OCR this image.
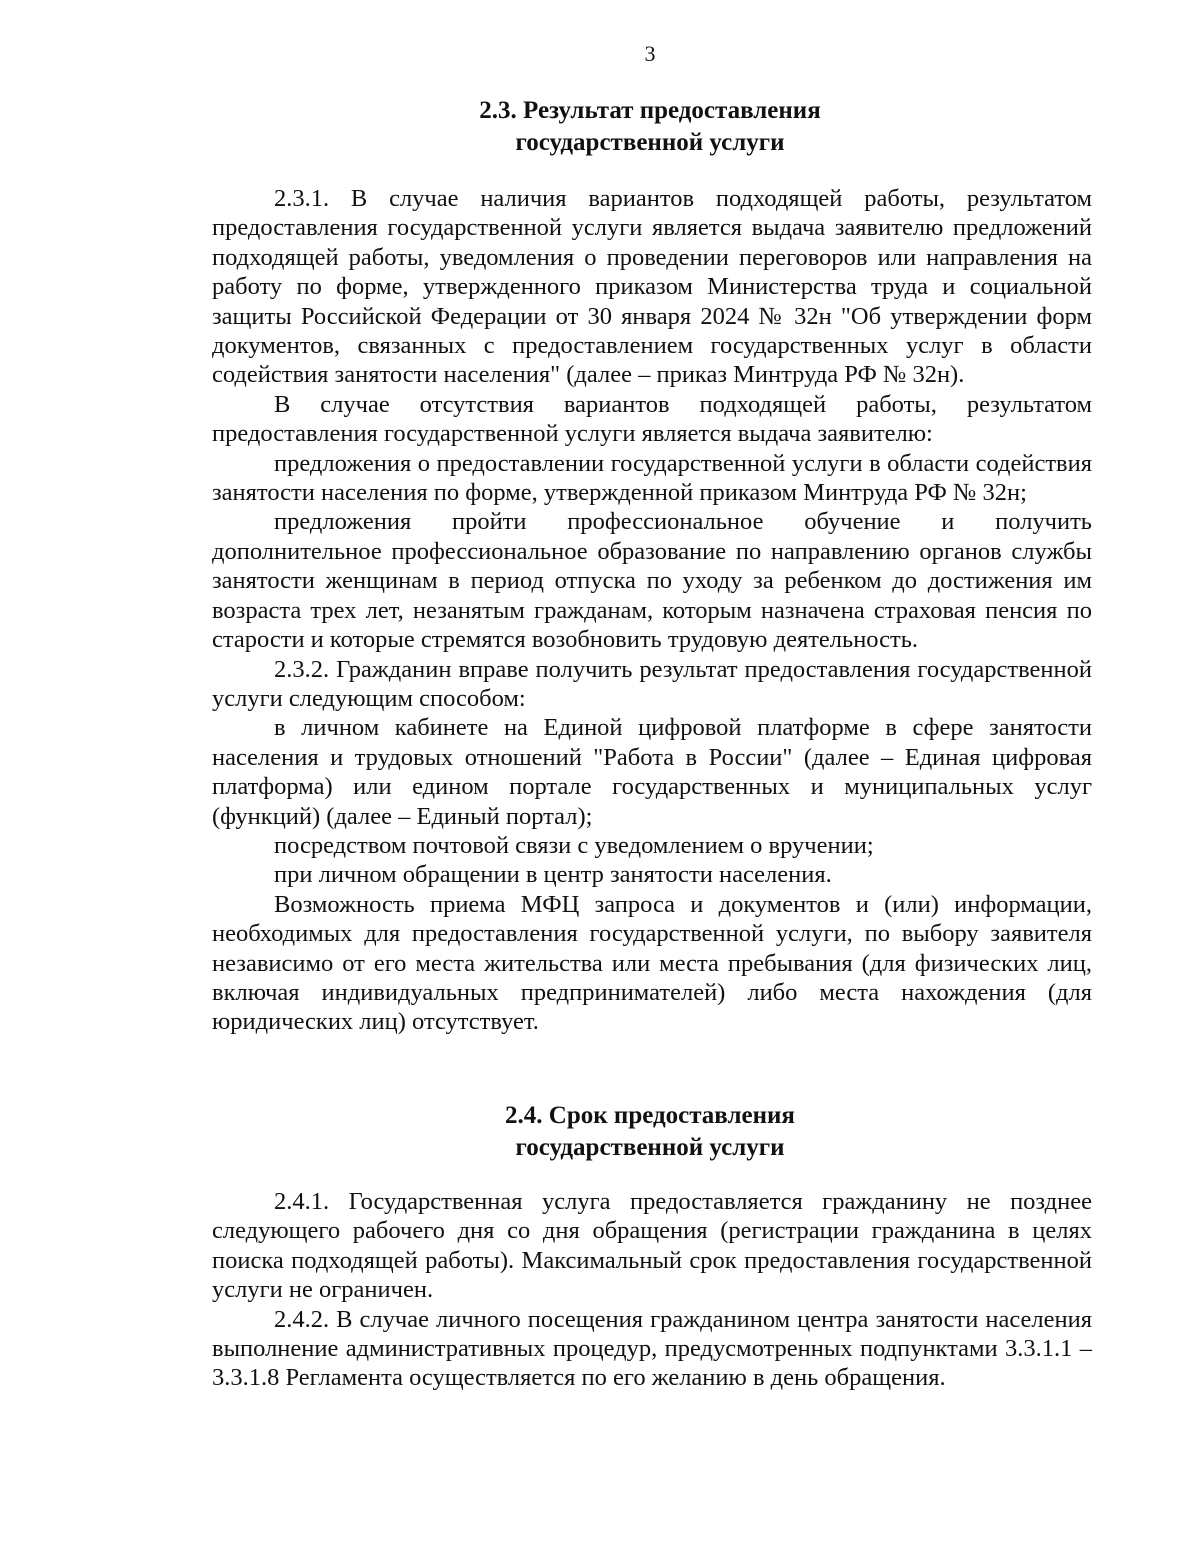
3
2.3. Результат предоставления
государственной услуги

2.3.1. В случае наличия вариантов подходящей работы, результатом предоставления государственной услуги является выдача заявителю предложений подходящей работы, уведомления о проведении переговоров или направления на работу по форме, утвержденного приказом Министерства труда и социальной защиты Российской Федерации от 30 января 2024 № 32н "Об утверждении форм документов, связанных с предоставлением государственных услуг в области содействия занятости населения" (далее – приказ Минтруда РФ № 32н).

В случае отсутствия вариантов подходящей работы, результатом предоставления государственной услуги является выдача заявителю:

предложения о предоставлении государственной услуги в области содействия занятости населения по форме, утвержденной приказом Минтруда РФ № 32н;

предложения пройти профессиональное обучение и получить дополнительное профессиональное образование по направлению органов службы занятости женщинам в период отпуска по уходу за ребенком до достижения им возраста трех лет, незанятым гражданам, которым назначена страховая пенсия по старости и которые стремятся возобновить трудовую деятельность.

2.3.2. Гражданин вправе получить результат предоставления государственной услуги следующим способом:

в личном кабинете на Единой цифровой платформе в сфере занятости населения и трудовых отношений "Работа в России" (далее – Единая цифровая платформа) или едином портале государственных и муниципальных услуг (функций) (далее – Единый портал);

посредством почтовой связи с уведомлением о вручении;

при личном обращении в центр занятости населения.

Возможность приема МФЦ запроса и документов и (или) информации, необходимых для предоставления государственной услуги, по выбору заявителя независимо от его места жительства или места пребывания (для физических лиц, включая индивидуальных предпринимателей) либо места нахождения (для юридических лиц) отсутствует.

2.4. Срок предоставления
государственной услуги

2.4.1. Государственная услуга предоставляется гражданину не позднее следующего рабочего дня со дня обращения (регистрации гражданина в целях поиска подходящей работы). Максимальный срок предоставления государственной услуги не ограничен.

2.4.2. В случае личного посещения гражданином центра занятости населения выполнение административных процедур, предусмотренных подпунктами 3.3.1.1 – 3.3.1.8 Регламента осуществляется по его желанию в день обращения.
